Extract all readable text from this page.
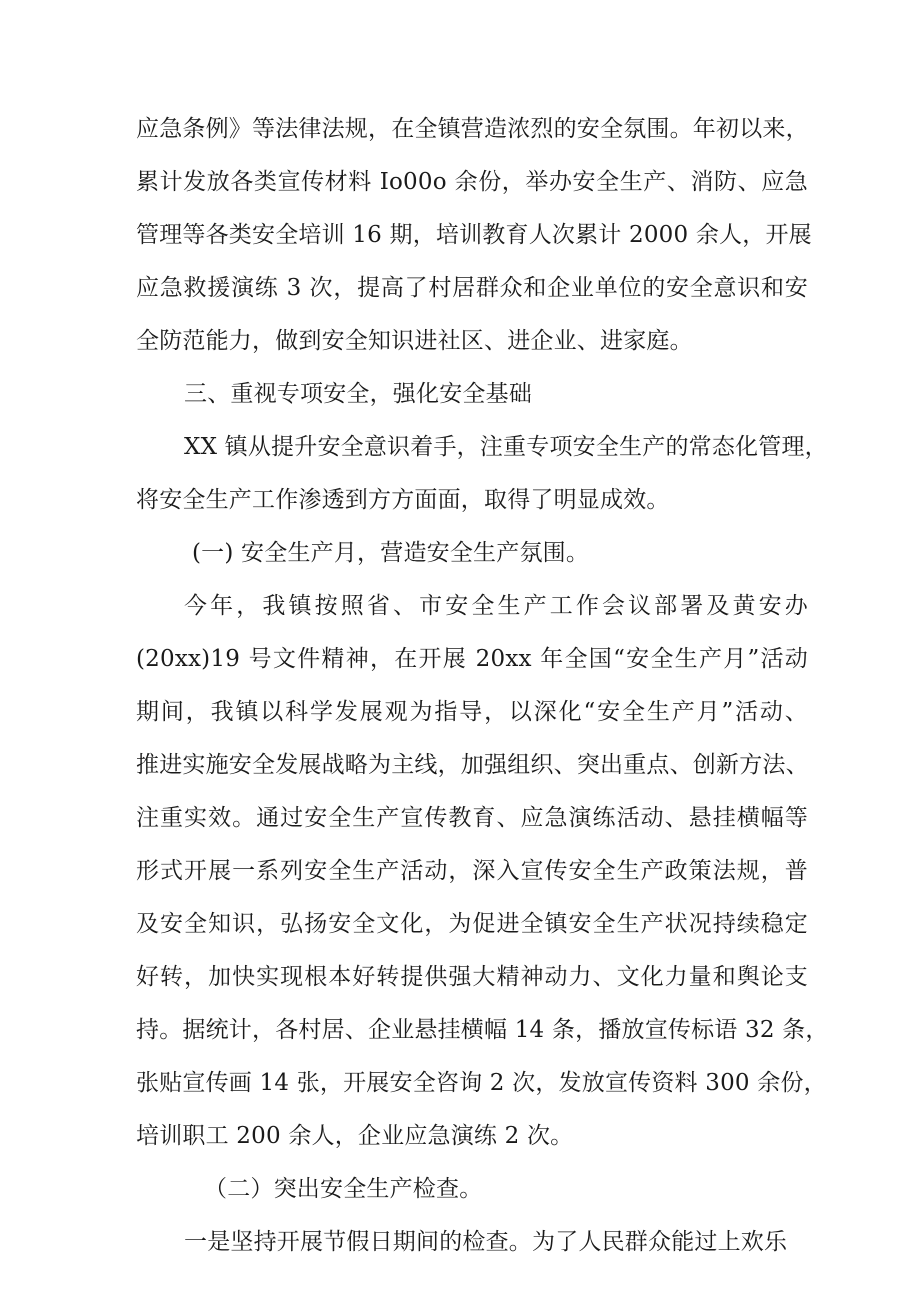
应急条例》等法律法规，在全镇营造浓烈的安全氛围。年初以来，
累计发放各类宣传材料 Io00o 余份，举办安全生产、消防、应急
管理等各类安全培训 16 期，培训教育人次累计 2000 余人，开展
应急救援演练 3 次，提高了村居群众和企业单位的安全意识和安
全防范能力，做到安全知识进社区、进企业、进家庭。
三、重视专项安全，强化安全基础
XX 镇从提升安全意识着手，注重专项安全生产的常态化管理，
将安全生产工作渗透到方方面面，取得了明显成效。
(一) 安全生产月，营造安全生产氛围。
今年，我镇按照省、市安全生产工作会议部署及黄安办
(20xx)19 号文件精神，在开展 20xx 年全国“安全生产月”活动
期间，我镇以科学发展观为指导，以深化“安全生产月”活动、
推进实施安全发展战略为主线，加强组织、突出重点、创新方法、
注重实效。通过安全生产宣传教育、应急演练活动、悬挂横幅等
形式开展一系列安全生产活动，深入宣传安全生产政策法规，普
及安全知识，弘扬安全文化，为促进全镇安全生产状况持续稳定
好转，加快实现根本好转提供强大精神动力、文化力量和舆论支
持。据统计，各村居、企业悬挂横幅 14 条，播放宣传标语 32 条，
张贴宣传画 14 张，开展安全咨询 2 次，发放宣传资料 300 余份，
培训职工 200 余人，企业应急演练 2 次。
（二）突出安全生产检查。
一是坚持开展节假日期间的检查。为了人民群众能过上欢乐
